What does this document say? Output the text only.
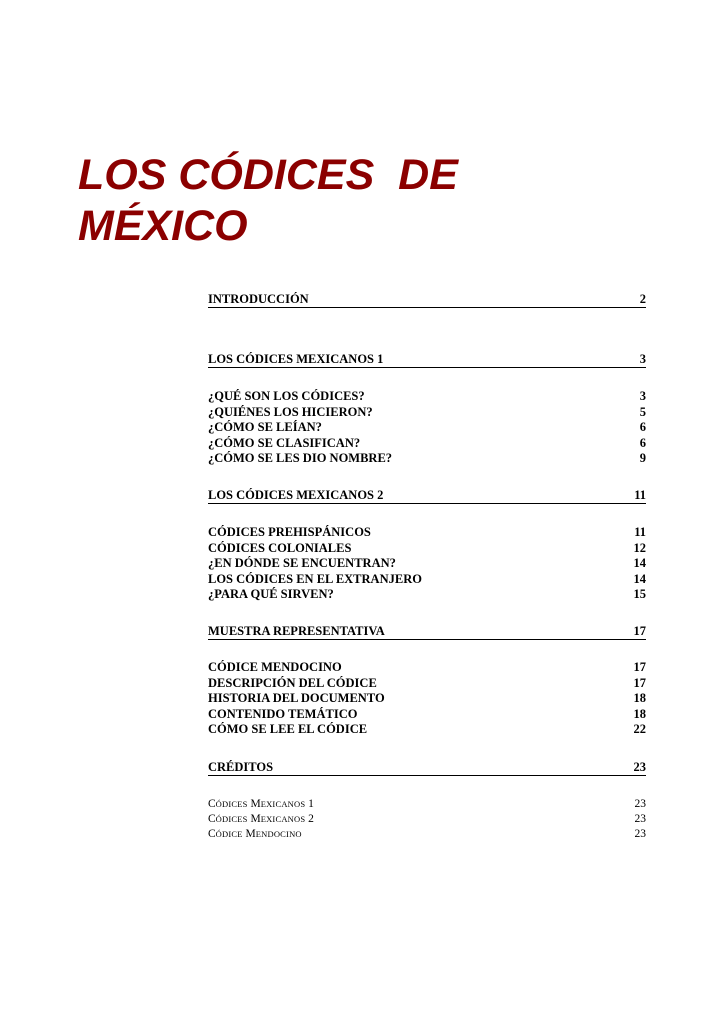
LOS CÓDICES  DE
MÉXICO
INTRODUCCIÓN	2
LOS CÓDICES MEXICANOS 1	3
¿QUÉ SON LOS CÓDICES?	3
¿QUIÉNES LOS HICIERON?	5
¿CÓMO SE LEÍAN?	6
¿CÓMO SE CLASIFICAN?	6
¿CÓMO SE LES DIO NOMBRE?	9
LOS CÓDICES MEXICANOS 2	11
CÓDICES PREHISPÁNICOS	11
CÓDICES COLONIALES	12
¿EN DÓNDE SE ENCUENTRAN?	14
LOS CÓDICES EN EL EXTRANJERO	14
¿PARA QUÉ SIRVEN?	15
MUESTRA REPRESENTATIVA	17
CÓDICE MENDOCINO	17
DESCRIPCIÓN DEL CÓDICE	17
HISTORIA DEL DOCUMENTO	18
CONTENIDO TEMÁTICO	18
CÓMO SE LEE EL CÓDICE	22
CRÉDITOS	23
CÓDICES MEXICANOS 1	23
CÓDICES MEXICANOS 2	23
CÓDICE MENDOCINO	23
